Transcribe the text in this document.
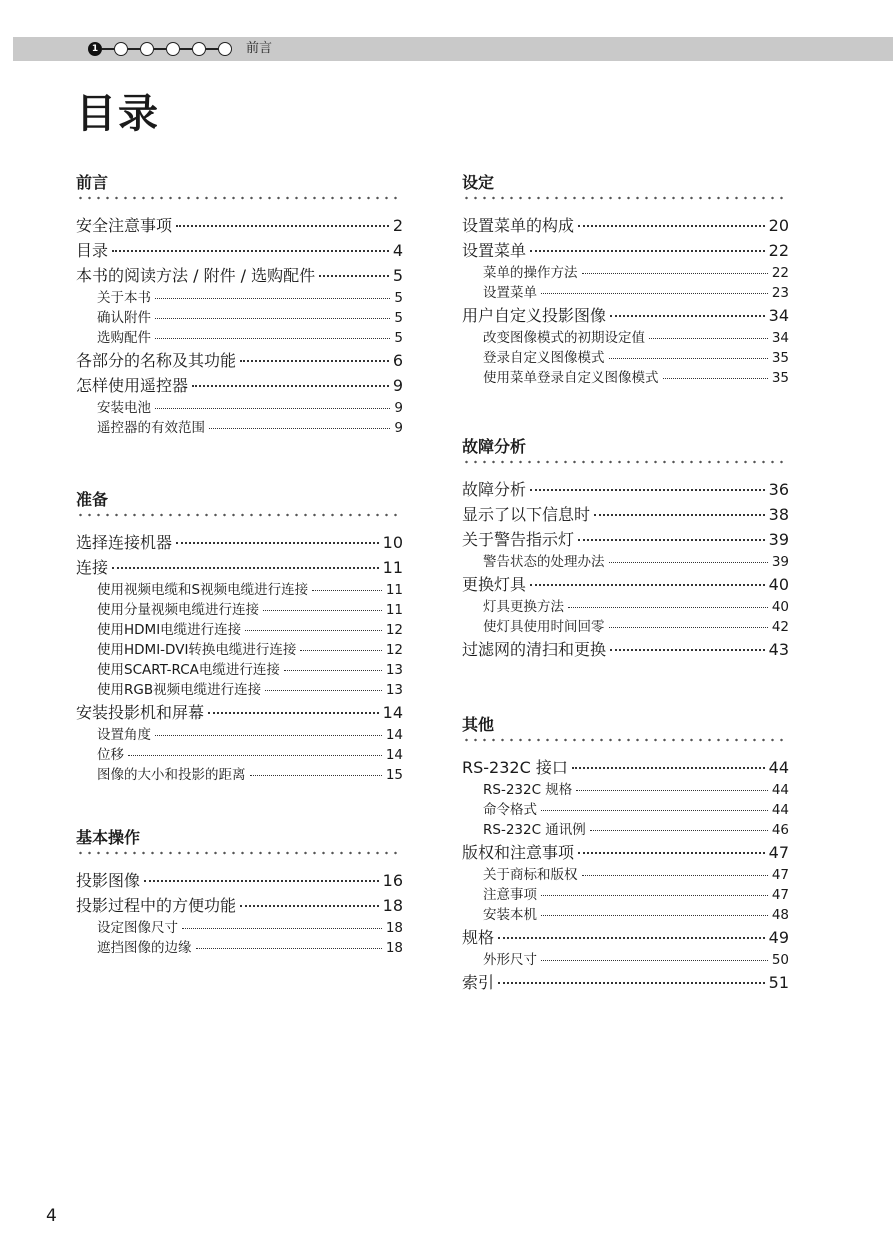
1	前言
目录
前言
安全注意事项	2
目录	4
本书的阅读方法 / 附件 / 选购配件	5
关于本书	5
确认附件	5
选购配件	5
各部分的名称及其功能	6
怎样使用遥控器	9
安装电池	9
遥控器的有效范围	9
准备
选择连接机器	10
连接	11
使用视频电缆和S视频电缆进行连接	11
使用分量视频电缆进行连接	11
使用HDMI电缆进行连接	12
使用HDMI-DVI转换电缆进行连接	12
使用SCART-RCA电缆进行连接	13
使用RGB视频电缆进行连接	13
安装投影机和屏幕	14
设置角度	14
位移	14
图像的大小和投影的距离	15
基本操作
投影图像	16
投影过程中的方便功能	18
设定图像尺寸	18
遮挡图像的边缘	18
设定
设置菜单的构成	20
设置菜单	22
菜单的操作方法	22
设置菜单	23
用户自定义投影图像	34
改变图像模式的初期设定值	34
登录自定义图像模式	35
使用菜单登录自定义图像模式	35
故障分析
故障分析	36
显示了以下信息时	38
关于警告指示灯	39
警告状态的处理办法	39
更换灯具	40
灯具更换方法	40
使灯具使用时间回零	42
过滤网的清扫和更换	43
其他
RS-232C 接口	44
RS-232C 规格	44
命令格式	44
RS-232C 通讯例	46
版权和注意事项	47
关于商标和版权	47
注意事项	47
安装本机	48
规格	49
外形尺寸	50
索引	51
4
